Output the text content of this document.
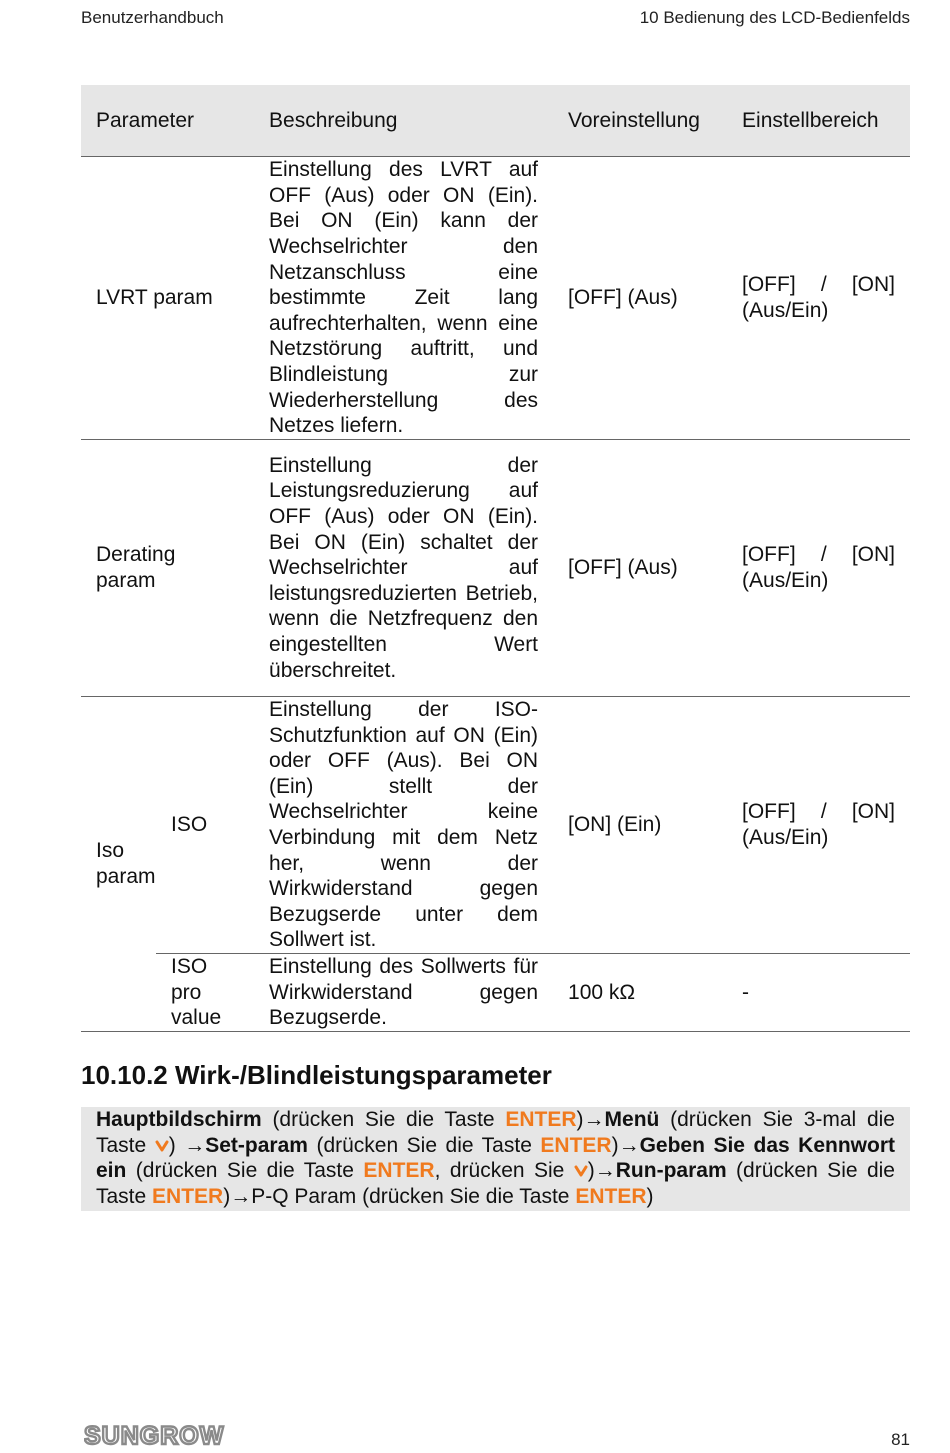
Benutzerhandbuch	10 Bedienung des LCD-Bedienfelds
Parameter		Beschreibung	Voreinstellung	Einstellbereich
LVRT param		Einstellung des LVRT auf OFF (Aus) oder ON (Ein). Bei ON (Ein) kann der Wechselrichter den Netzanschluss eine bestimmte Zeit lang aufrechterhalten, wenn eine Netzstörung auftritt, und Blindleistung zur Wiederherstellung des Netzes liefern.	[OFF] (Aus)	[OFF] / [ON] (Aus/Ein)
Derating param		Einstellung der Leistungsreduzierung auf OFF (Aus) oder ON (Ein). Bei ON (Ein) schaltet der Wechselrichter auf leistungsreduzierten Betrieb, wenn die Netzfrequenz den eingestellten Wert überschreitet.	[OFF] (Aus)	[OFF] / [ON] (Aus/Ein)
Iso param	ISO	Einstellung der ISO-Schutzfunktion auf ON (Ein) oder OFF (Aus). Bei ON (Ein) stellt der Wechselrichter keine Verbindung mit dem Netz her, wenn der Wirkwiderstand gegen Bezugserde unter dem Sollwert ist.	[ON] (Ein)	[OFF] / [ON] (Aus/Ein)
	ISO pro value	Einstellung des Sollwerts für Wirkwiderstand gegen Bezugserde.	100 kΩ	-
10.10.2 Wirk-/Blindleistungsparameter
Hauptbildschirm (drücken Sie die Taste ENTER)→Menü (drücken Sie 3-mal die Taste ) →Set-param (drücken Sie die Taste ENTER)→Geben Sie das Kennwort ein (drücken Sie die Taste ENTER, drücken Sie )→Run-param (drücken Sie die Taste ENTER)→P-Q Param (drücken Sie die Taste ENTER)
SUNGROW	81
